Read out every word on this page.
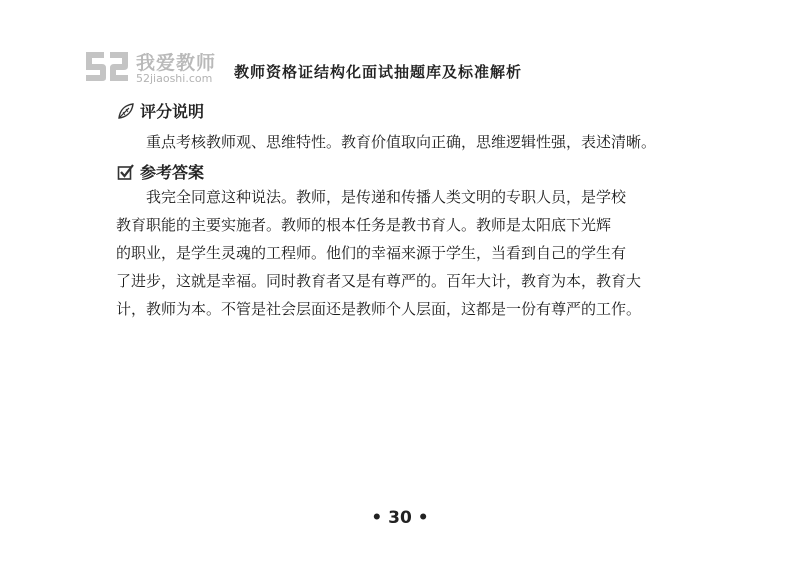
我爱教师
52jiaoshi.com 教师资格证结构化面试抽题库及标准解析
评分说明
重点考核教师观、思维特性。教育价值取向正确，思维逻辑性强，表述清晰。
参考答案
我完全同意这种说法。教师，是传递和传播人类文明的专职人员，是学校
教育职能的主要实施者。教师的根本任务是教书育人。教师是太阳底下光辉
的职业，是学生灵魂的工程师。他们的幸福来源于学生，当看到自己的学生有
了进步，这就是幸福。同时教育者又是有尊严的。百年大计，教育为本，教育大
计，教师为本。不管是社会层面还是教师个人层面，这都是一份有尊严的工作。
• 30 •
